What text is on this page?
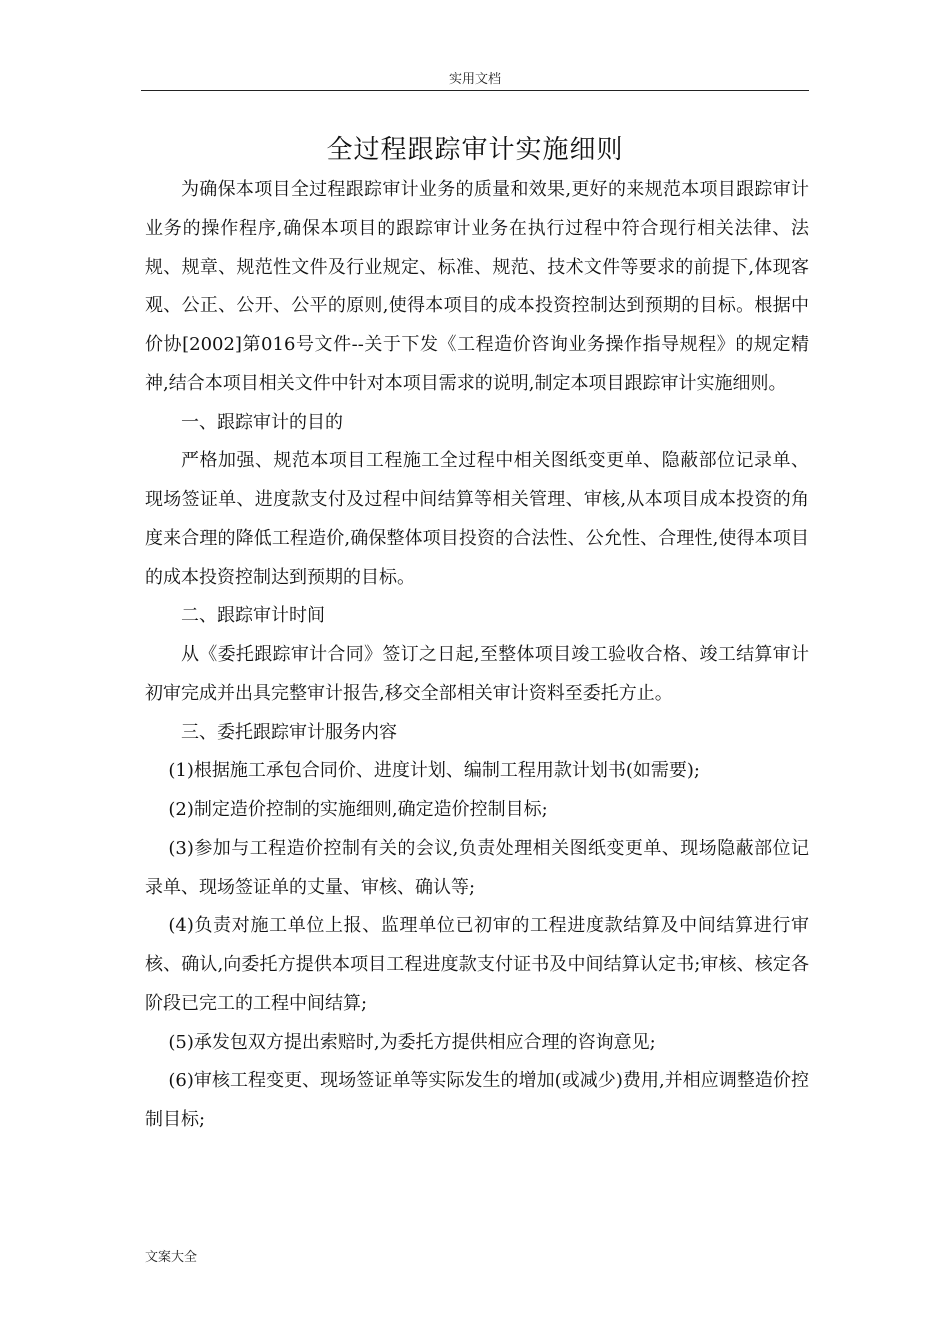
实用文档
全过程跟踪审计实施细则

为确保本项目全过程跟踪审计业务的质量和效果,更好的来规范本项目跟踪审计业务的操作程序,确保本项目的跟踪审计业务在执行过程中符合现行相关法律、法规、规章、规范性文件及行业规定、标准、规范、技术文件等要求的前提下,体现客观、公正、公开、公平的原则,使得本项目的成本投资控制达到预期的目标。根据中价协[2002]第016号文件--关于下发《工程造价咨询业务操作指导规程》的规定精神,结合本项目相关文件中针对本项目需求的说明,制定本项目跟踪审计实施细则。

一、跟踪审计的目的

严格加强、规范本项目工程施工全过程中相关图纸变更单、隐蔽部位记录单、现场签证单、进度款支付及过程中间结算等相关管理、审核,从本项目成本投资的角度来合理的降低工程造价,确保整体项目投资的合法性、公允性、合理性,使得本项目的成本投资控制达到预期的目标。

二、跟踪审计时间

从《委托跟踪审计合同》签订之日起,至整体项目竣工验收合格、竣工结算审计初审完成并出具完整审计报告,移交全部相关审计资料至委托方止。

三、委托跟踪审计服务内容

(1)根据施工承包合同价、进度计划、编制工程用款计划书(如需要);

(2)制定造价控制的实施细则,确定造价控制目标;

(3)参加与工程造价控制有关的会议,负责处理相关图纸变更单、现场隐蔽部位记录单、现场签证单的丈量、审核、确认等;

(4)负责对施工单位上报、监理单位已初审的工程进度款结算及中间结算进行审核、确认,向委托方提供本项目工程进度款支付证书及中间结算认定书;审核、核定各阶段已完工的工程中间结算;

(5)承发包双方提出索赔时,为委托方提供相应合理的咨询意见;

(6)审核工程变更、现场签证单等实际发生的增加(或减少)费用,并相应调整造价控制目标;

文案大全
